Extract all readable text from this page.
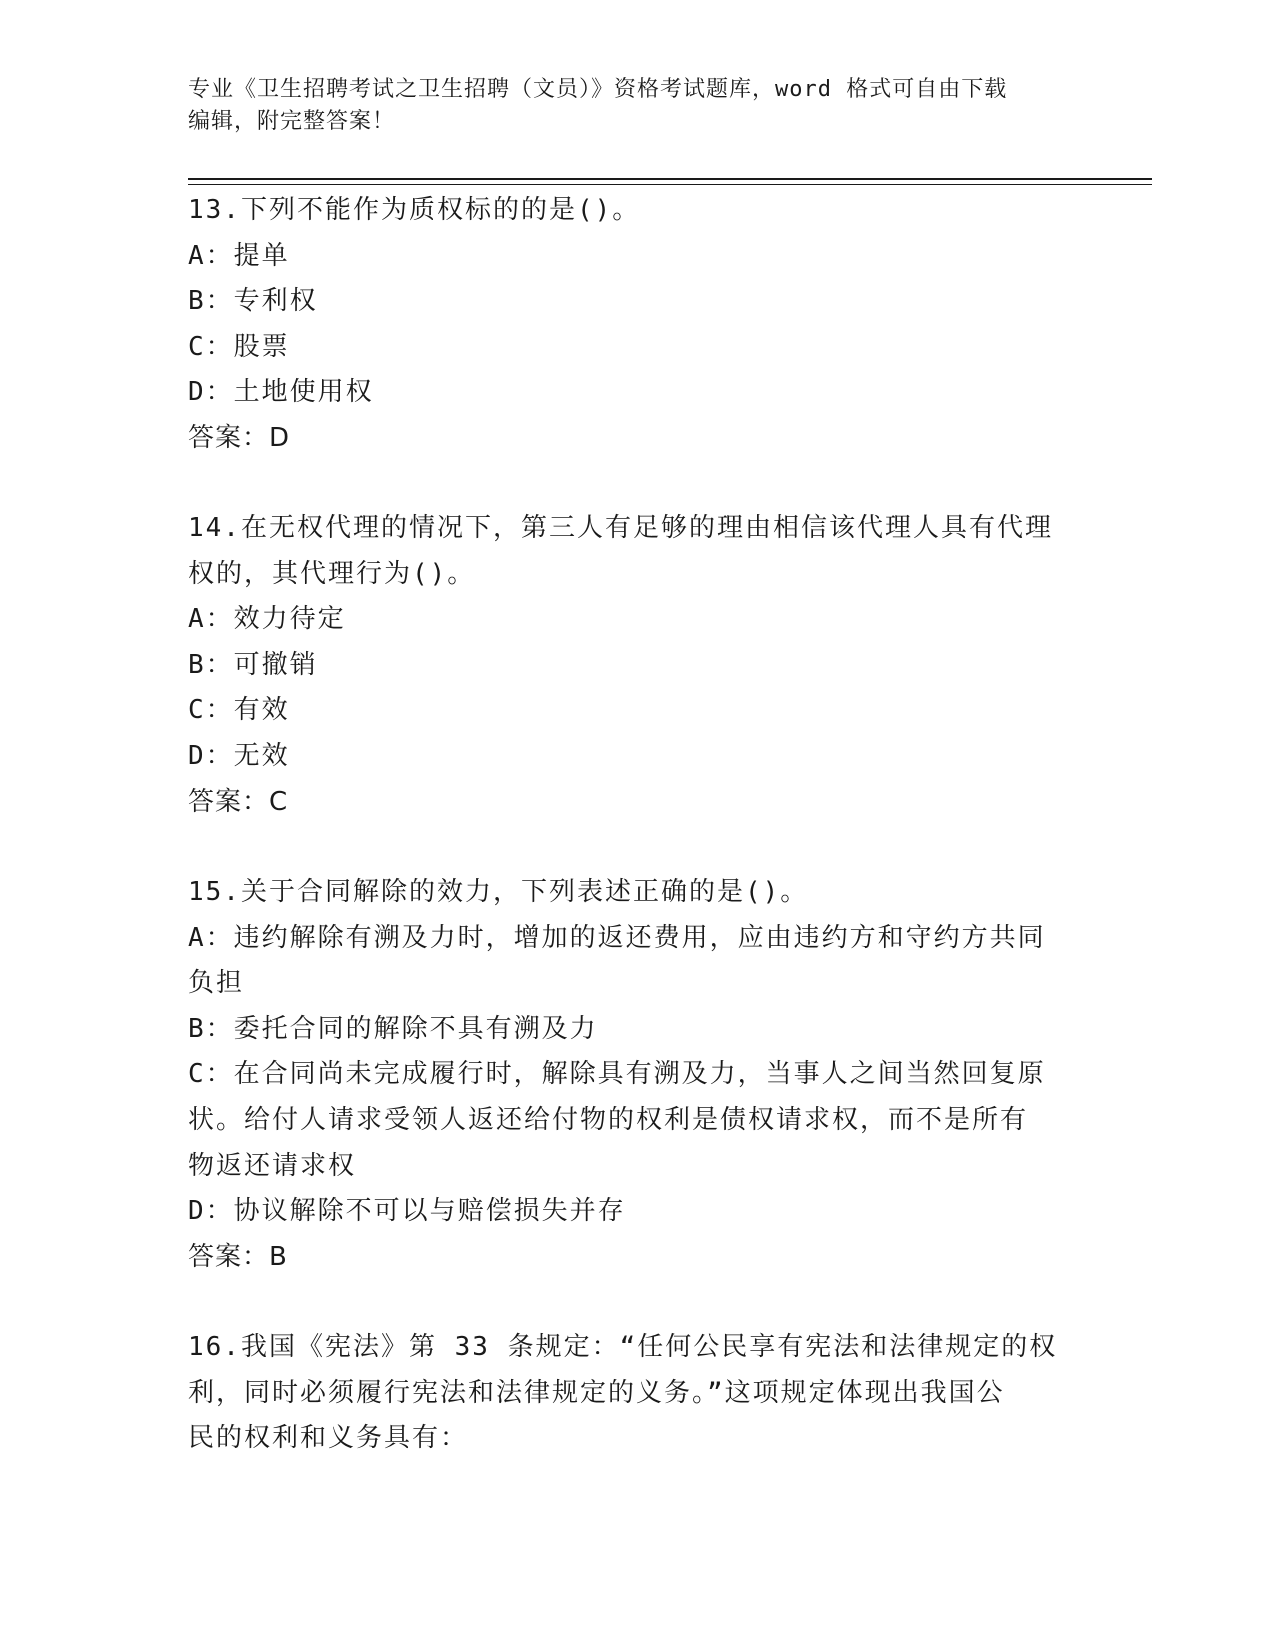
专业《卫生招聘考试之卫生招聘（文员）》资格考试题库，word 格式可自由下载
编辑，附完整答案！
13.下列不能作为质权标的的是()。
A：提单
B：专利权
C：股票
D：土地使用权
答案：D
14.在无权代理的情况下，第三人有足够的理由相信该代理人具有代理
权的，其代理行为()。
A：效力待定
B：可撤销
C：有效
D：无效
答案：C
15.关于合同解除的效力，下列表述正确的是()。
A：违约解除有溯及力时，增加的返还费用，应由违约方和守约方共同
负担
B：委托合同的解除不具有溯及力
C：在合同尚未完成履行时，解除具有溯及力，当事人之间当然回复原
状。给付人请求受领人返还给付物的权利是债权请求权，而不是所有
物返还请求权
D：协议解除不可以与赔偿损失并存
答案：B
16.我国《宪法》第 33 条规定：“任何公民享有宪法和法律规定的权
利，同时必须履行宪法和法律规定的义务。”这项规定体现出我国公
民的权利和义务具有：
